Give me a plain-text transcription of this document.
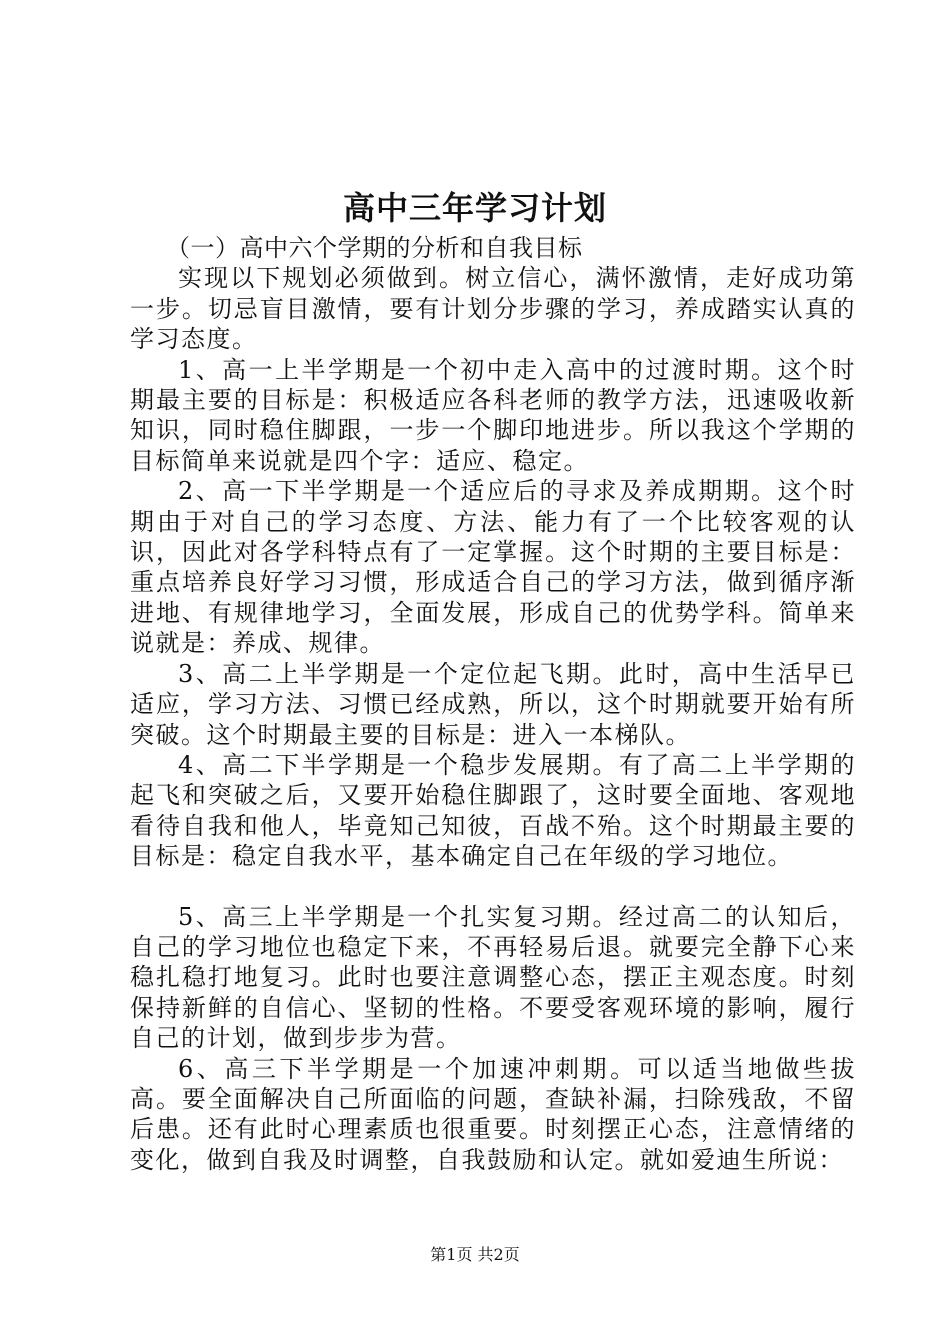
高中三年学习计划

（一）高中六个学期的分析和自我目标

实现以下规划必须做到。树立信心，满怀激情，走好成功第一步。切忌盲目激情，要有计划分步骤的学习，养成踏实认真的学习态度。

1、高一上半学期是一个初中走入高中的过渡时期。这个时期最主要的目标是：积极适应各科老师的教学方法，迅速吸收新知识，同时稳住脚跟，一步一个脚印地进步。所以我这个学期的目标简单来说就是四个字：适应、稳定。

2、高一下半学期是一个适应后的寻求及养成期期。这个时期由于对自己的学习态度、方法、能力有了一个比较客观的认识，因此对各学科特点有了一定掌握。这个时期的主要目标是：重点培养良好学习习惯，形成适合自己的学习方法，做到循序渐进地、有规律地学习，全面发展，形成自己的优势学科。简单来说就是：养成、规律。

3、高二上半学期是一个定位起飞期。此时，高中生活早已适应，学习方法、习惯已经成熟，所以，这个时期就要开始有所突破。这个时期最主要的目标是：进入一本梯队。

4、高二下半学期是一个稳步发展期。有了高二上半学期的起飞和突破之后，又要开始稳住脚跟了，这时要全面地、客观地看待自我和他人，毕竟知己知彼，百战不殆。这个时期最主要的目标是：稳定自我水平，基本确定自己在年级的学习地位。

5、高三上半学期是一个扎实复习期。经过高二的认知后，自己的学习地位也稳定下来，不再轻易后退。就要完全静下心来稳扎稳打地复习。此时也要注意调整心态，摆正主观态度。时刻保持新鲜的自信心、坚韧的性格。不要受客观环境的影响，履行自己的计划，做到步步为营。

6、高三下半学期是一个加速冲刺期。可以适当地做些拔高。要全面解决自己所面临的问题，查缺补漏，扫除残敌，不留后患。还有此时心理素质也很重要。时刻摆正心态，注意情绪的变化，做到自我及时调整，自我鼓励和认定。就如爱迪生所说：

第1页 共2页
